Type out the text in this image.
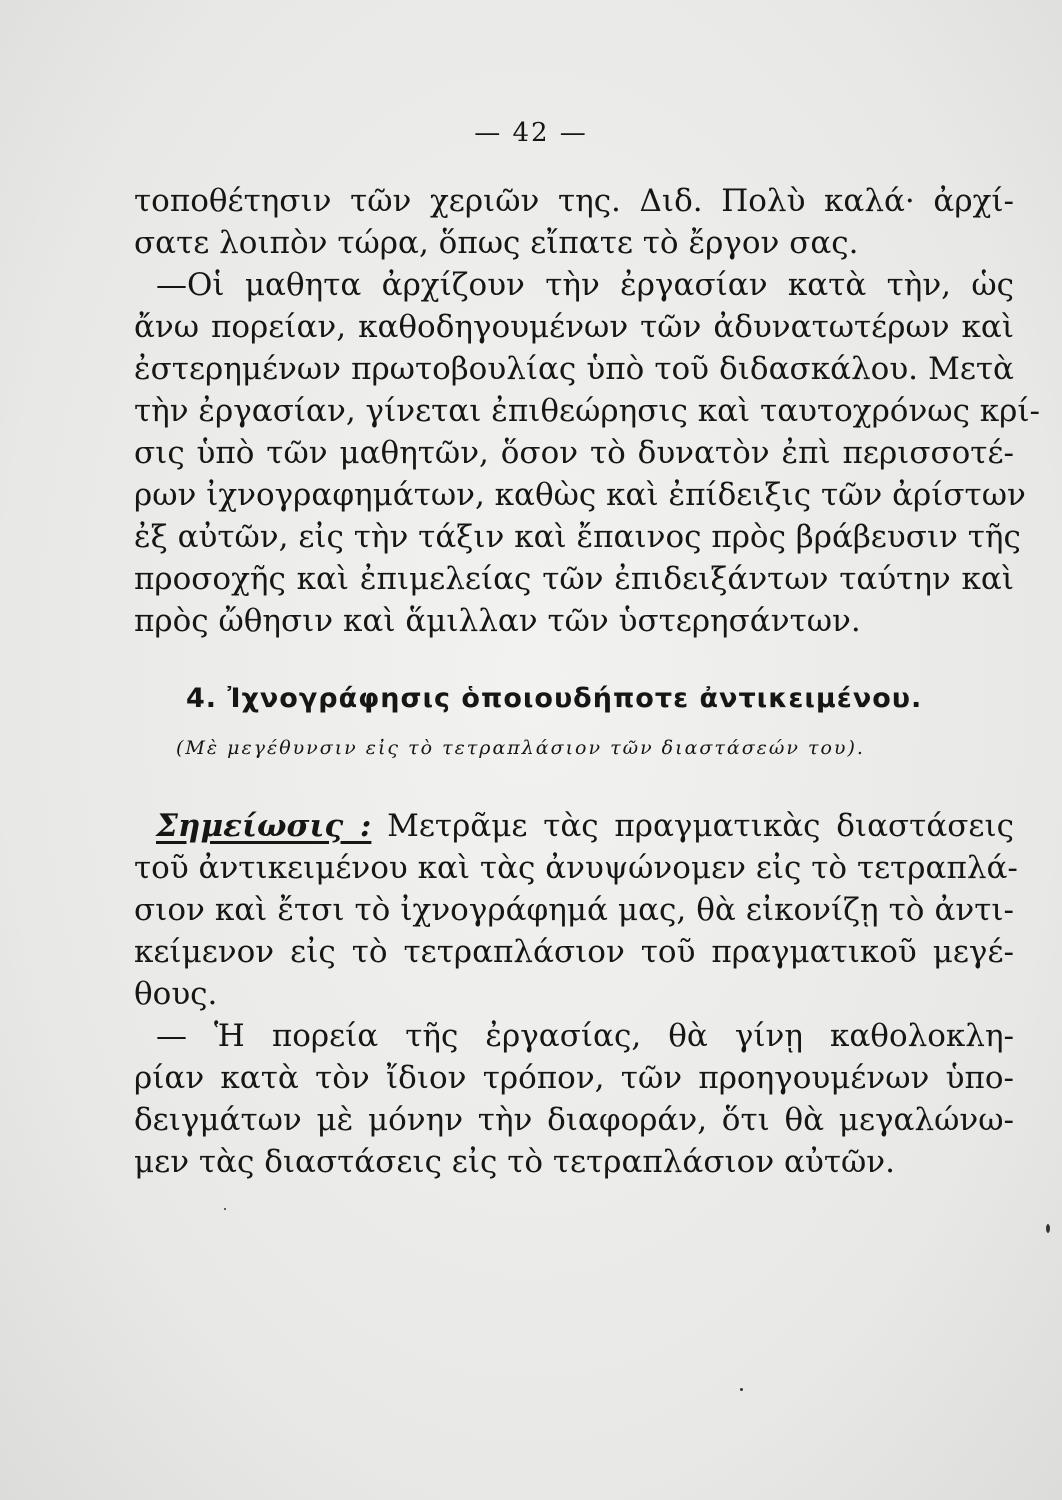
— 42 —
τοποθέτησιν τῶν χεριῶν της. Διδ. Πολὺ καλά· ἀρχί-
σατε λοιπὸν τώρα, ὅπως εἴπατε τὸ ἔργον σας.
—Οἱ μαθητα ἀρχίζουν τὴν ἐργασίαν κατὰ τὴν, ὡς
ἄνω πορείαν, καθοδηγουμένων τῶν ἀδυνατωτέρων καὶ
ἐστερημένων πρωτοβουλίας ὑπὸ τοῦ διδασκάλου. Μετὰ
τὴν ἐργασίαν, γίνεται ἐπιθεώρησις καὶ ταυτοχρόνως κρί-
σις ὑπὸ τῶν μαθητῶν, ὅσον τὸ δυνατὸν ἐπὶ περισσοτέ-
ρων ἰχνογραφημάτων, καθὼς καὶ ἐπίδειξις τῶν ἀρίστων
ἐξ αὐτῶν, εἰς τὴν τάξιν καὶ ἔπαινος πρὸς βράβευσιν τῆς
προσοχῆς καὶ ἐπιμελείας τῶν ἐπιδειξάντων ταύτην καὶ
πρὸς ὤθησιν καὶ ἅμιλλαν τῶν ὑστερησάντων.
4. Ἰχνογράφησις ὁποιουδήποτε ἀντικειμένου.
(Μὲ μεγέθυνσιν εἰς τὸ τετραπλάσιον τῶν διαστάσεών του).
Σημείωσις : Μετρᾶμε τὰς πραγματικὰς διαστάσεις
τοῦ ἀντικειμένου καὶ τὰς ἀνυψώνομεν εἰς τὸ τετραπλά-
σιον καὶ ἔτσι τὸ ἰχνογράφημά μας, θὰ εἰκονίζῃ τὸ ἀντι-
κείμενον εἰς τὸ τετραπλάσιον τοῦ πραγματικοῦ μεγέ-
θους.
— Ἡ πορεία τῆς ἐργασίας, θὰ γίνῃ καθολοκλη-
ρίαν κατὰ τὸν ἴδιον τρόπον, τῶν προηγουμένων ὑπο-
δειγμάτων μὲ μόνην τὴν διαφοράν, ὅτι θὰ μεγαλώνω-
μεν τὰς διαστάσεις εἰς τὸ τετραπλάσιον αὐτῶν.
